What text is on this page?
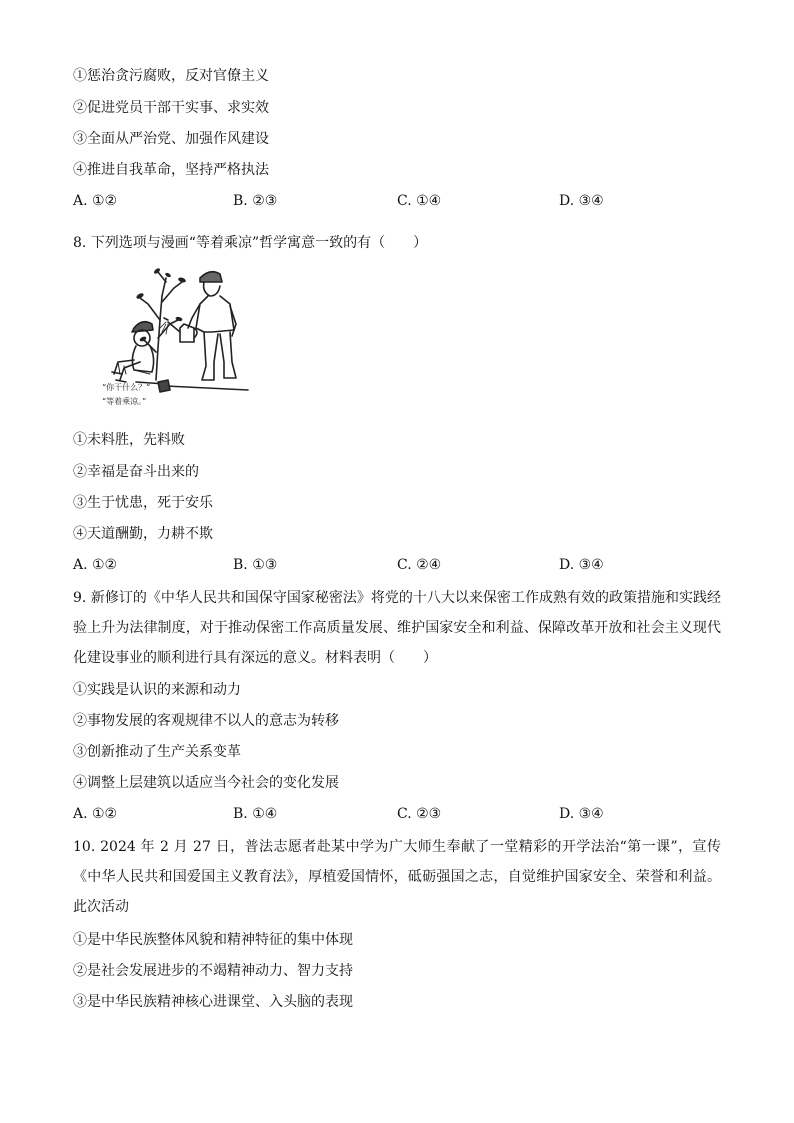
①惩治贪污腐败，反对官僚主义
②促进党员干部干实事、求实效
③全面从严治党、加强作风建设
④推进自我革命，坚持严格执法
A. ①②	B. ②③	C. ①④	D. ③④
8. 下列选项与漫画“等着乘凉”哲学寓意一致的有（　　）
“你干什么？”
“等着乘凉。”
①未料胜，先料败
②幸福是奋斗出来的
③生于忧患，死于安乐
④天道酬勤，力耕不欺
A. ①②	B. ①③	C. ②④	D. ③④
9. 新修订的《中华人民共和国保守国家秘密法》将党的十八大以来保密工作成熟有效的政策措施和实践经验上升为法律制度，对于推动保密工作高质量发展、维护国家安全和利益、保障改革开放和社会主义现代化建设事业的顺利进行具有深远的意义。材料表明（　　）
①实践是认识的来源和动力
②事物发展的客观规律不以人的意志为转移
③创新推动了生产关系变革
④调整上层建筑以适应当今社会的变化发展
A. ①②	B. ①④	C. ②③	D. ③④
10. 2024 年 2 月 27 日，普法志愿者赴某中学为广大师生奉献了一堂精彩的开学法治“第一课”，宣传《中华人民共和国爱国主义教育法》，厚植爱国情怀，砥砺强国之志，自觉维护国家安全、荣誉和利益。此次活动
①是中华民族整体风貌和精神特征的集中体现
②是社会发展进步的不竭精神动力、智力支持
③是中华民族精神核心进课堂、入头脑的表现
